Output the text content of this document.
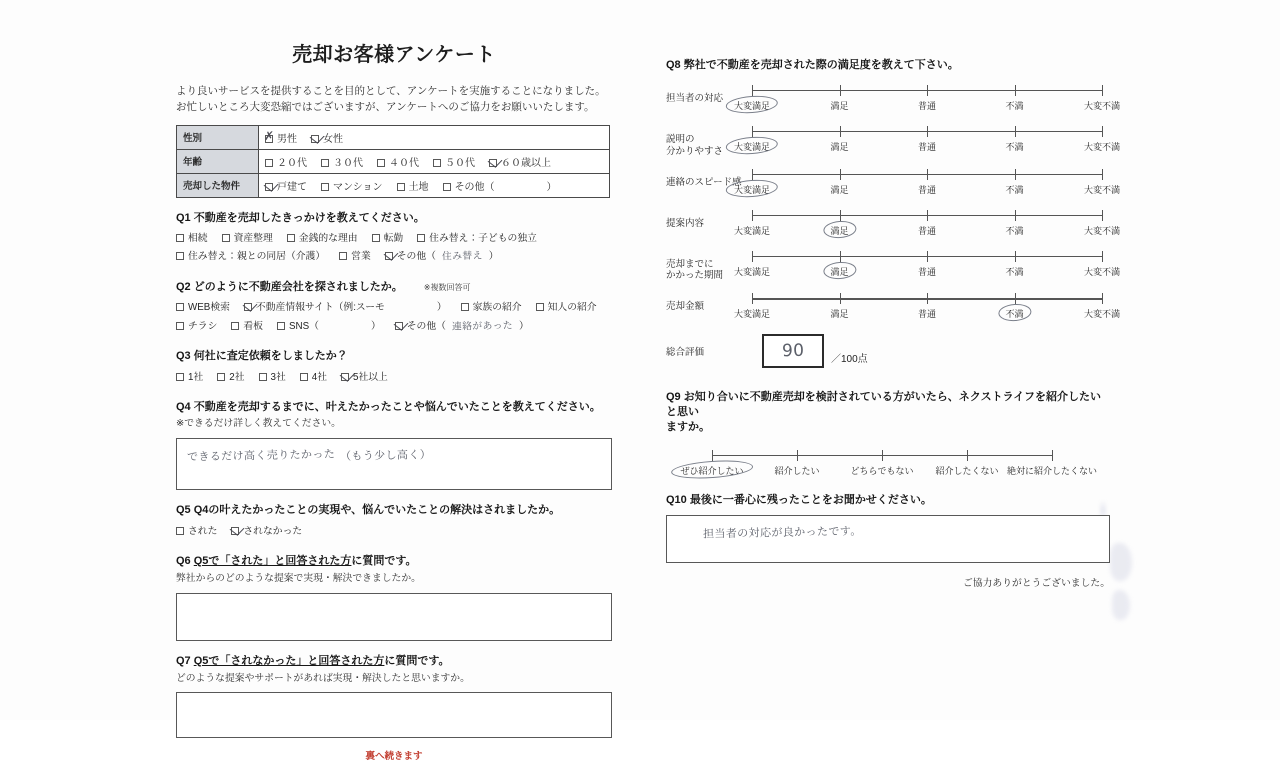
売却お客様アンケート
より良いサービスを提供することを目的として、アンケートを実施することになりました。
お忙しいところ大変恐縮ではございますが、アンケートへのご協力をお願いいたします。
性別	✗男性 女性
年齢	２０代 ３０代 ４０代 ５０代 ６０歳以上
売却した物件	戸建て マンション 土地 その他（ ）
Q1 不動産を売却したきっかけを教えてください。
相続	資産整理	金銭的な理由	転勤	住み替え：子どもの独立住み替え：親との同居（介護）	営業	その他（ 住み替え ）
Q2 どのように不動産会社を探されましたか。	※複数回答可
WEB検索	不動産情報サイト（例:スーモ	）	家族の紹介	知人の紹介チラシ	看板	SNS（	）	その他（ 連絡があった ）
Q3 何社に査定依頼をしましたか？
1社	2社	3社	4社	5社以上
Q4 不動産を売却するまでに、叶えたかったことや悩んでいたことを教えてください。
※できるだけ詳しく教えてください。
できるだけ高く売りたかった （もう少し高く）
Q5 Q4の叶えたかったことの実現や、悩んでいたことの解決はされましたか。
された	されなかった
Q6 Q5で「された」と回答された方に質問です。
弊社からのどのような提案で実現・解決できましたか。
Q7 Q5で「されなかった」と回答された方に質問です。
どのような提案やサポートがあれば実現・解決したと思いますか。
裏へ続きます
Q8 弊社で不動産を売却された際の満足度を教えて下さい。
担当者の対応
大変満足	満足	普通	不満	大変不満
説明の
分かりやすさ	大変満足	満足	普通	不満	大変不満
連絡のスピード感
大変満足	満足	普通	不満	大変不満
提案内容
大変満足	満足	普通	不満	大変不満
売却までに
かかった期間	大変満足	満足	普通	不満	大変不満
売却金額
大変満足	満足	普通	不満	大変不満
総合評価	90	／100点
Q9 お知り合いに不動産売却を検討されている方がいたら、ネクストライフを紹介したいと思い
ますか。
ぜひ紹介したい	紹介したい	どちらでもない 紹介したくない 絶対に紹介したくない
Q10 最後に一番心に残ったことをお聞かせください。
担当者の対応が良かったです。
ご協力ありがとうございました。
